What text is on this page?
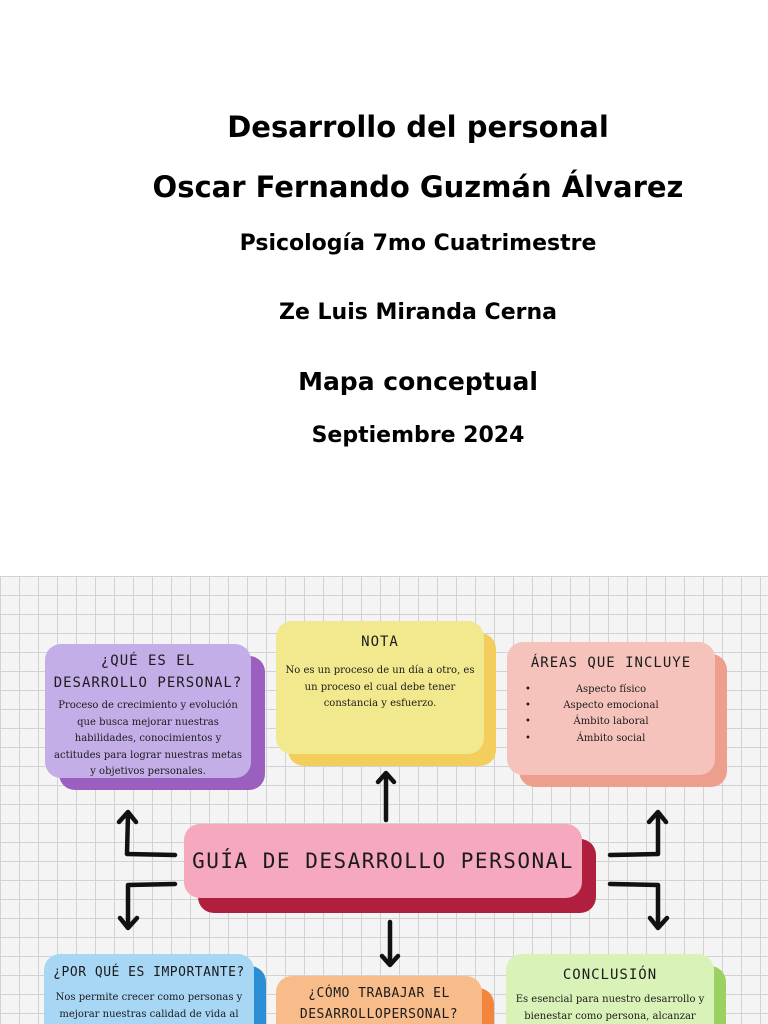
Desarrollo del personal
Oscar Fernando Guzmán Álvarez
Psicología 7mo Cuatrimestre
Ze Luis Miranda Cerna
Mapa conceptual
Septiembre 2024
¿QUÉ ES EL DESARROLLO PERSONAL?
Proceso de crecimiento y evolución que busca mejorar nuestras habilidades, conocimientos y actitudes para lograr nuestras metas y objetivos personales.
NOTA
No es un proceso de un día a otro, es un proceso el cual debe tener constancia y esfuerzo.
ÁREAS QUE INCLUYE
• Aspecto físico
• Aspecto emocional
• Ámbito laboral
• Ámbito social
GUÍA DE DESARROLLO PERSONAL
¿POR QUÉ ES IMPORTANTE?
Nos permite crecer como personas y mejorar nuestras calidad de vida al
¿CÓMO TRABAJAR EL DESARROLLOPERSONAL?
CONCLUSIÓN
Es esencial para nuestro desarrollo y bienestar como persona, alcanzar
